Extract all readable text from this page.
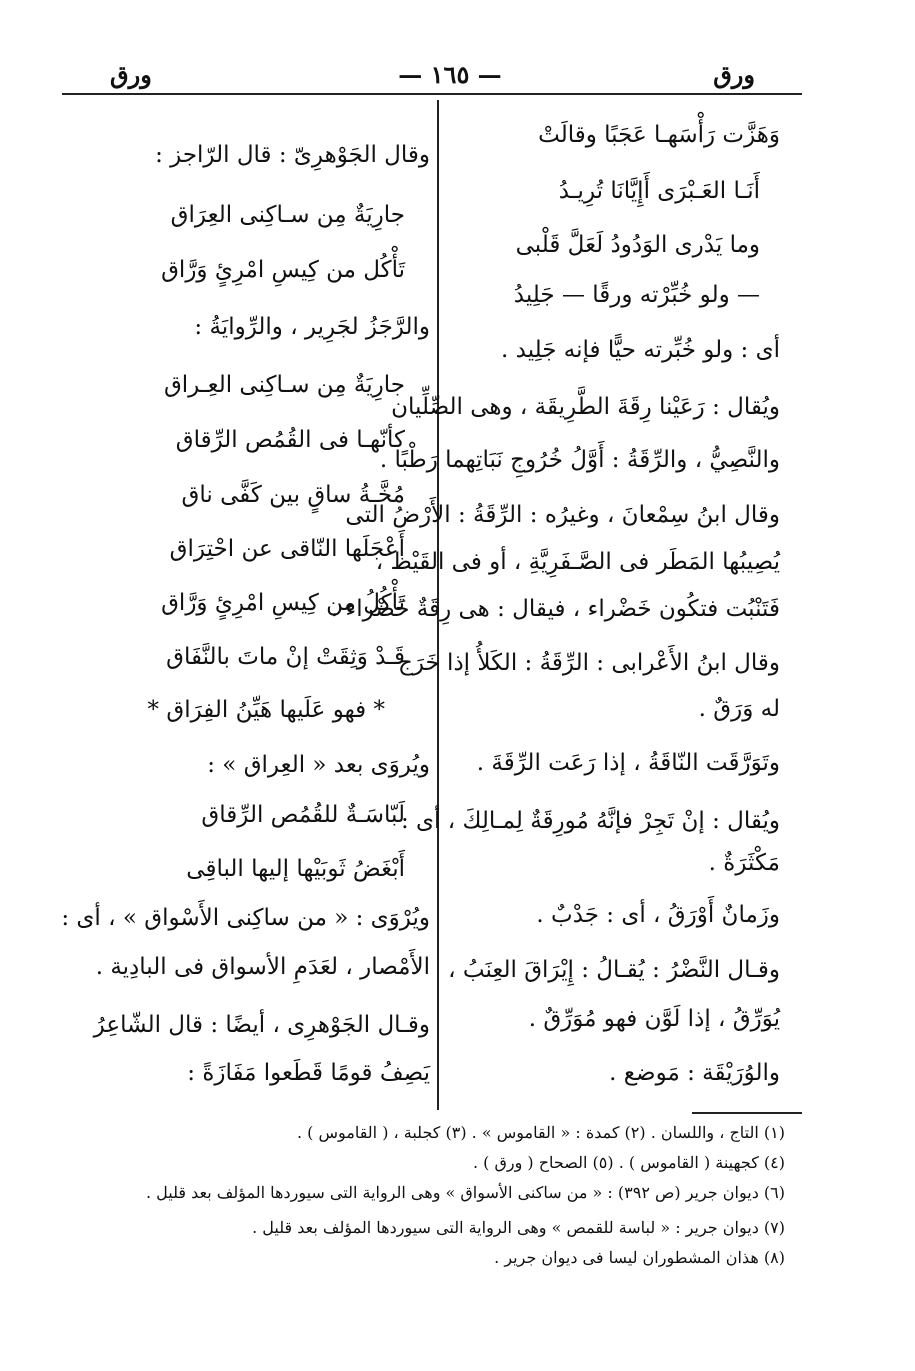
ورق	— ١٦٥ —	ورق
وَهَزَّت رَأْسَهـا عَجَبًا وقالَتْ
أَنَـا العَـبْرَى أَإِيَّانَا تُرِيـدُ
وما يَدْرى الوَدُودُ لَعَلَّ قَلْبى
— ولو خُبِّرْته ورقًا — جَلِيدُ
أى : ولو خُبِّرته حيًّا فإنه جَلِيد .
ويُقال : رَعَيْنا رِقَةَ الطَّرِيقَة ، وهى الصِّلِّيان
والنَّصِيُّ ، والرِّقَةُ : أَوَّلُ خُرُوجِ نَبَاتِهما رَطْبًا .
وقال ابنُ سِمْعانَ ، وغيرُه : الرِّقَةُ : الأَرْضُ التى
يُصِيبُها المَطَر فى الصَّـفَرِيَّةِ ، أو فى القَيْظ ،
فَتَنْبُت فتكُون خَضْراء ، فيقال : هى رِقَةٌ خَضْراء .
وقال ابنُ الأَعْرابى : الرِّقَةُ : الكَلأُ إذا خَرَج
له وَرَقٌ .
وتَوَرَّقَت النّاقَةُ ، إذا رَعَت الرِّقَةَ .
ويُقال : إنْ تَجِرْ فإنَّهُ مُورِقَةٌ لِمـالِكَ ، أى :
مَكْثَرَةٌ .
وزَمانٌ أَوْرَقُ ، أى : جَدْبٌ .
وقـال النَّضْرُ : يُقـالُ : إِيْرَاقَ العِنَبُ ،
يُوَرِّقُ ، إذا لَوَّن فهو مُوَرِّقٌ .
والوُرَيْقَة : مَوضع .
وقال الجَوْهرِىّ : قال الرّاجز :
جارِيَةٌ مِن سـاكِنى العِرَاق
تَأْكُل من كِيسِ امْرِئٍ وَرَّاق
والرَّجَزُ لجَرِير ، والرِّوايَةُ :
جارِيَةٌ مِن سـاكِنى العِـراق
كأنّهـا فى القُمُص الرِّقاق
مُخَّـةُ ساقٍ بين كَفَّى ناق
أَعْجَلَها النّاقى عن احْتِرَاق
تَأْكُلُ من كِيسِ امْرِئٍ وَرَّاق
قَـدْ وَثِقَتْ إنْ ماتَ بالنَّفَاق
* فهو عَلَيها هَيِّنُ الفِرَاق *
ويُروَى بعد « العِراق » :
لَبّاسَـةٌ للقُمُص الرِّقاق
أَبْغَضُ ثَوبَيْها إليها الباقِى
ويُرْوَى : « من ساكِنى الأَسْواق » ، أى :
الأَمْصار ، لعَدَمِ الأسواق فى البادِية .
وقـال الجَوْهرِى ، أيضًا : قال الشّاعِرُ
يَصِفُ قومًا قَطَعوا مَفَازَةً :
(١) التاج ، واللسان . (٢) كمدة : « القاموس » . (٣) كجلبة ، ( القاموس ) .
(٤) كجهينة ( القاموس ) . (٥) الصحاح ( ورق ) .
(٦) ديوان جرير (ص ٣٩٢) : « من ساكنى الأسواق » وهى الرواية التى سيوردها المؤلف بعد قليل .
(٧) ديوان جرير : « لباسة للقمص » وهى الرواية التى سيوردها المؤلف بعد قليل .
(٨) هذان المشطوران ليسا فى ديوان جرير .
